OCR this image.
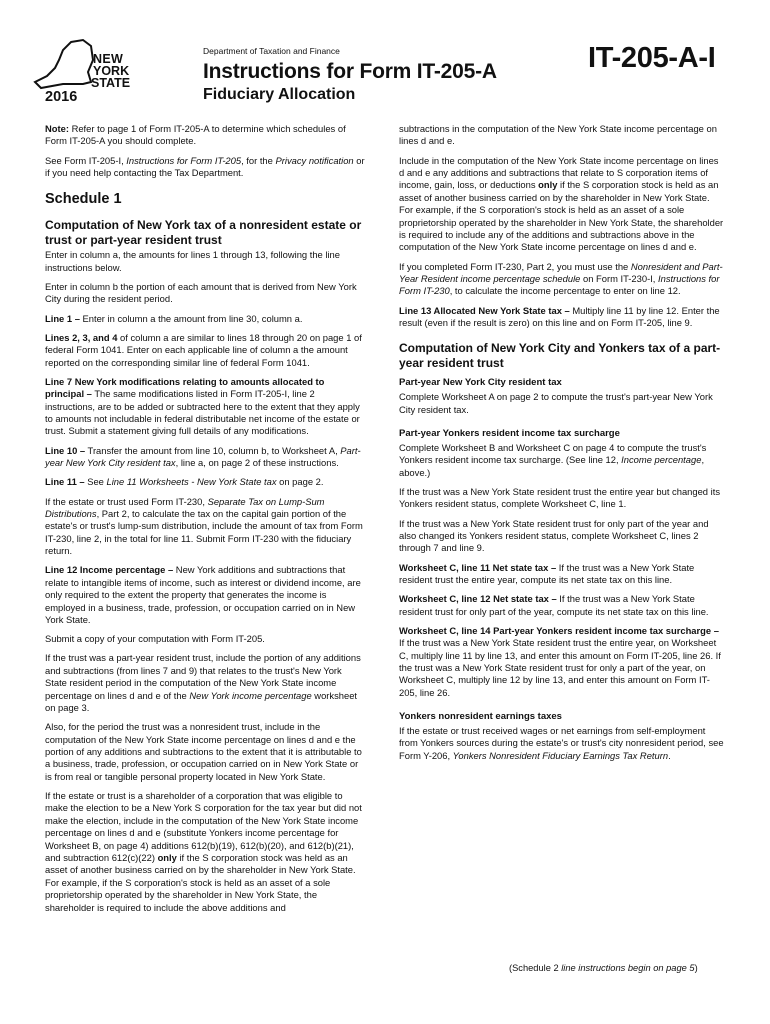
NEW
YORK
STATE
2016
Department of Taxation and Finance
Instructions for Form IT-205-A
Fiduciary Allocation
IT-205-A-I

Note: Refer to page 1 of Form IT-205-A to determine which schedules of Form IT-205-A you should complete.

See Form IT-205-I, Instructions for Form IT-205, for the Privacy notification or if you need help contacting the Tax Department.

Schedule 1
Computation of New York tax of a nonresident estate or trust or part-year resident trust

Enter in column a, the amounts for lines 1 through 13, following the line instructions below.

Enter in column b the portion of each amount that is derived from New York City during the resident period.

Line 1 – Enter in column a the amount from line 30, column a.

Lines 2, 3, and 4 of column a are similar to lines 18 through 20 on page 1 of federal Form 1041. Enter on each applicable line of column a the amount reported on the corresponding similar line of federal Form 1041.

Line 7 New York modifications relating to amounts allocated to principal – The same modifications listed in Form IT-205-I, line 2 instructions, are to be added or subtracted here to the extent that they apply to amounts not includable in federal distributable net income of the estate or trust. Submit a statement giving full details of any modifications.

Line 10 – Transfer the amount from line 10, column b, to Worksheet A, Part-year New York City resident tax, line a, on page 2 of these instructions.

Line 11 – See Line 11 Worksheets - New York State tax on page 2.

If the estate or trust used Form IT-230, Separate Tax on Lump-Sum Distributions, Part 2, to calculate the tax on the capital gain portion of the estate's or trust's lump-sum distribution, include the amount of tax from Form IT-230, line 2, in the total for line 11. Submit Form IT-230 with the fiduciary return.

Line 12 Income percentage – New York additions and subtractions that relate to intangible items of income, such as interest or dividend income, are only required to the extent the property that generates the income is employed in a business, trade, profession, or occupation carried on in New York State.

Submit a copy of your computation with Form IT-205.

If the trust was a part-year resident trust, include the portion of any additions and subtractions (from lines 7 and 9) that relates to the trust's New York State resident period in the computation of the New York State income percentage on lines d and e of the New York income percentage worksheet on page 3.

Also, for the period the trust was a nonresident trust, include in the computation of the New York State income percentage on lines d and e the portion of any additions and subtractions to the extent that it is attributable to a business, trade, profession, or occupation carried on in New York State or is from real or tangible personal property located in New York State.

If the estate or trust is a shareholder of a corporation that was eligible to make the election to be a New York S corporation for the tax year but did not make the election, include in the computation of the New York State income percentage on lines d and e (substitute Yonkers income percentage for Worksheet B, on page 4) additions 612(b)(19), 612(b)(20), and 612(b)(21), and subtraction 612(c)(22) only if the S corporation stock was held as an asset of another business carried on by the shareholder in New York State. For example, if the S corporation's stock is held as an asset of a sole proprietorship operated by the shareholder in New York State, the shareholder is required to include the above additions and

subtractions in the computation of the New York State income percentage on lines d and e.

Include in the computation of the New York State income percentage on lines d and e any additions and subtractions that relate to S corporation items of income, gain, loss, or deductions only if the S corporation stock is held as an asset of another business carried on by the shareholder in New York State. For example, if the S corporation's stock is held as an asset of a sole proprietorship operated by the shareholder in New York State, the shareholder is required to include any of the additions and subtractions above in the computation of the New York State income percentage on lines d and e.

If you completed Form IT-230, Part 2, you must use the Nonresident and Part-Year Resident income percentage schedule on Form IT-230-I, Instructions for Form IT-230, to calculate the income percentage to enter on line 12.

Line 13 Allocated New York State tax – Multiply line 11 by line 12. Enter the result (even if the result is zero) on this line and on Form IT-205, line 9.

Computation of New York City and Yonkers tax of a part-year resident trust
Part-year New York City resident tax

Complete Worksheet A on page 2 to compute the trust's part-year New York City resident tax.

Part-year Yonkers resident income tax surcharge

Complete Worksheet B and Worksheet C on page 4 to compute the trust's Yonkers resident income tax surcharge. (See line 12, Income percentage, above.)

If the trust was a New York State resident trust the entire year but changed its Yonkers resident status, complete Worksheet C, line 1.

If the trust was a New York State resident trust for only part of the year and also changed its Yonkers resident status, complete Worksheet C, lines 2 through 7 and line 9.

Worksheet C, line 11 Net state tax – If the trust was a New York State resident trust the entire year, compute its net state tax on this line.

Worksheet C, line 12 Net state tax – If the trust was a New York State resident trust for only part of the year, compute its net state tax on this line.

Worksheet C, line 14 Part-year Yonkers resident income tax surcharge – If the trust was a New York State resident trust the entire year, on Worksheet C, multiply line 11 by line 13, and enter this amount on Form IT-205, line 26. If the trust was a New York State resident trust for only a part of the year, on Worksheet C, multiply line 12 by line 13, and enter this amount on Form IT-205, line 26.

Yonkers nonresident earnings taxes

If the estate or trust received wages or net earnings from self-employment from Yonkers sources during the estate's or trust's city nonresident period, see Form Y-206, Yonkers Nonresident Fiduciary Earnings Tax Return.

(Schedule 2 line instructions begin on page 5)
